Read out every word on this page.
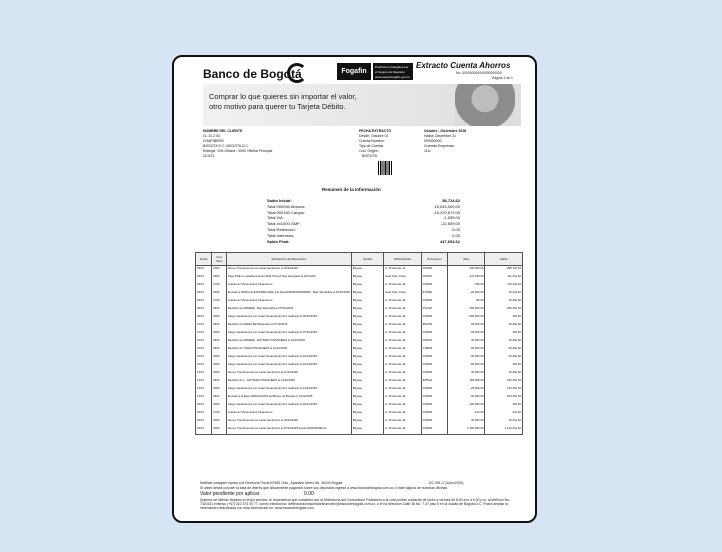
Banco de Bogotá	Fogafin
Productos protegidos por el Seguro de Depósito www.segurofogafin.gov.co
Extracto Cuenta Ahorros
No. 000000000000000000000
Página 1 de 1
Comprar lo que quieres sin importar el valor,
otro motivo para querer tu Tarjeta Débito.
NOMBRE DEL CLIENTE
CL 31 2 00
CHAPINERO
BOGOTA D.C.,BOGOTA D.C
Entrega : EM Oficina : 0000 Oficina Principal
11/2/21
FECHA EXTRACTO
Desde: Octubre 01
Cuenta Número:
Tipo de Cuenta
Cod. Origen:
BOGOTÁ
Octubre - Diciembre 2026
Hasta: December 31
000000000
Cuentas Empresas
1111
Resumen de la Información
Fecha	Cod Trans	Descripción del Movimiento	Ciudad	Oficina/Canal	Documento	Valor	Saldo
03/10	0050	Abono Transferencia por canal electrónico el 02/10/2025	Bogota	G. Preferente 11	000000	200,000.00	258,724.62
03/10	0950	Pago PSE en establecimiento 9011 Fintech Sas efectuado el 2021/202	Bogota	Goia Oper Trans	003001	-147,490.00	111,234.62
03/10	0709	Gravamen Movimientos Financieros	Bogota	G. Preferente 11	000000	-790.00	110,444.62
03/10	0306	Enviado a MARIA ALEJANDRA ARDI a la llave0000000000000000 - Bam Republica el 03/10/2025	Bogota	Goia Oper Trans	572560	-20,000.00	40,444.62
03/10	0709	Gravamen Movimientos Financieros	Bogota	G. Preferente 11	000000	-80.00	40,364.62
06/10	0533	Recibido de ANDRES - Ban Republica el 07/10/2025	Bogota	G. Preferente 11	152120	250,000.00	290,364.62
06/10	0050	Cargo transferencia por canal virtual electronico realizado el 06/10/2025	Bogota	G. Preferente 11	000000	-250,000.00	364.62
07/10	0533	Recibido de MARIA BanDavienda el 07/10/2025	Bogota	G. Preferente 11	891265	35,000.00	35,364.62
07/10	0050	Cargo transferencia por canal virtual electronico realizado el 07/10/2025	Bogota	G. Preferente 11	000000	-35,000.00	364.62
10/10	0533	Recibido de ANDRES - ENTIDAD FINANCIERA el 10/10/2025	Bogota	G. Preferente 11	002616	40,000.00	40,364.62
10/10	0533	Recibido de TIDAD FINANCIERA el 10/10/2025	Bogota	G. Preferente 11	718845	50,000.00	90,364.62
10/10	0050	Cargo transferencia por canal virtual electronico realizado el 10/10/2025	Bogota	G. Preferente 11	000000	-40,000.00	50,364.62
10/10	0050	Cargo transferencia por canal virtual electronico realizado el 10/10/2025	Bogota	G. Preferente 11	000000	-50,000.00	364.62
13/10	0050	Abono Transferencia por canal electrónico el 12/10/2025	Bogota	G. Preferente 11	000000	40,000.00	40,364.62
14/10	0533	Recibido de L - ENTIDAD FINANCIERA el 13/10/2025	Bogota	G. Preferente 11	865544	155,000.00	155,364.62
14/10	0050	Cargo transferencia por canal virtual electronico realizado el 14/10/2025	Bogota	G. Preferente 11	000000	-25,000.00	130,364.62
14/10	0522	Enviado a la llave MIAMCZA001 del Banco de Bogota el 14/10/2025	Bogota	G. Preferente 11	000000	-30,000.00	100,364.62
18/10	0050	Cargo transferencia por canal virtual electronico realizado el 18/10/2025	Bogota	G. Preferente 11	000000	-100,000.00	364.62
18/10	0709	Gravamen Movimientos Financieros	Bogota	G. Preferente 11	000000	-120.00	244.62
18/10	0050	Abono Transferencia por canal electrónico el 18/10/2025	Bogota	G. Preferente 11	000000	40,000.00	40,244.62
15/10	0050	Abono Transferencia por canal electrónico el 15/10/2025 desde 0000002391CA	Bogota	G. Preferente 11	000000	1,100,000.00	1,140,244.62
Notificar cualquier reparo a la Revisoría Fiscal KPMG Ltda., Apartado Aéreo No. 36100 Bogotá	DC-091-2 (Junio/2024)
Si usted desea conocer la tasa de interés que actualmente pagamos sobre sus depósitos ingrese a www.bancodebogota.com.co o visite alguna de nuestras oficinas
Valor pendiente por aplicar	0.00
Quienes se sientan titulares el mejor servicio, le recordamos que contamos con la Defensoría del Consumidor Financiero a la cual podrán contactar de lunes a viernes de 8:00 a.m a 5:30 p.m. al teléfono No. 7420151 extenso (+57) 310 373 00 77, correo electrónico: defensoriaconsumidorfinanciero@bancodebogota.com.co, o en la dirección Calle 36 No. 7-47 piso 5 en la ciudad de Bogotá D.C. Podrá ampliar la información relacionada con esta información en: www.bancodebogota.com
Saldo Inicial:	58,724.62
Total 000040 Abonos:	15,043,000.00
Total 000160 Cargos:	-15,229,872.00
Total IVA:	-1,539.00
Total 4x1000 GMF:	-22,659.00
Total Retencion:	0.00
Total Intereses:	0.00
Saldo Final:	447,653.62
